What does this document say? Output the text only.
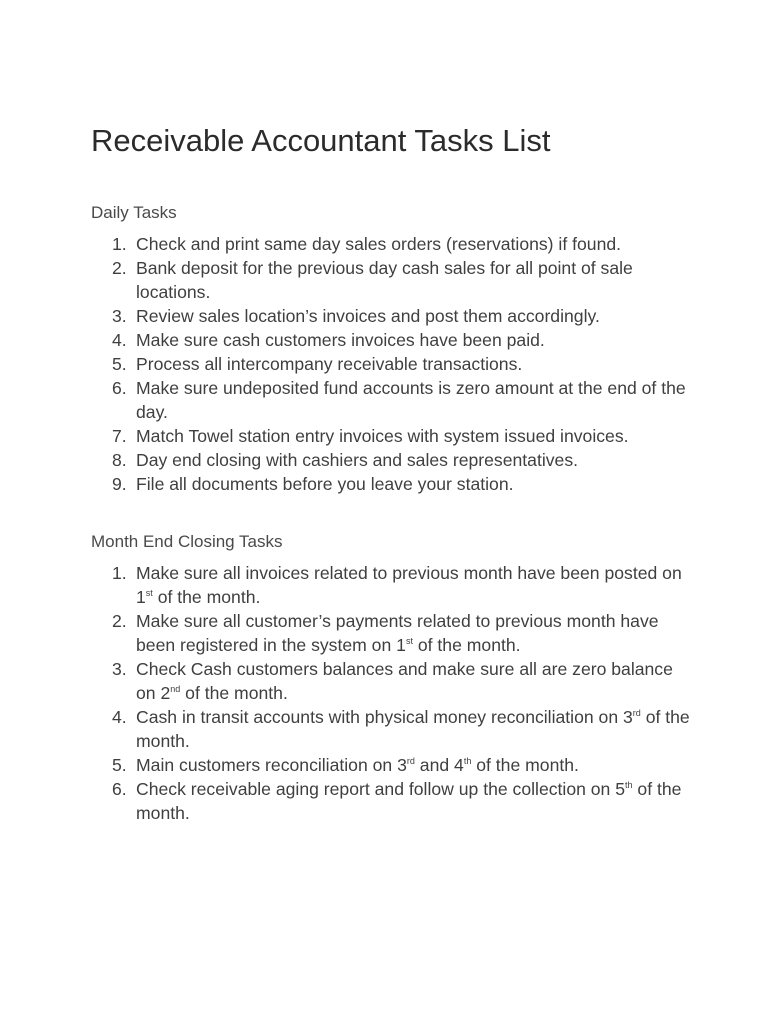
Receivable Accountant Tasks List
Daily Tasks
1. Check and print same day sales orders (reservations) if found.
2. Bank deposit for the previous day cash sales for all point of sale locations.
3. Review sales location’s invoices and post them accordingly.
4. Make sure cash customers invoices have been paid.
5. Process all intercompany receivable transactions.
6. Make sure undeposited fund accounts is zero amount at the end of the day.
7. Match Towel station entry invoices with system issued invoices.
8. Day end closing with cashiers and sales representatives.
9. File all documents before you leave your station.
Month End Closing Tasks
1. Make sure all invoices related to previous month have been posted on 1st of the month.
2. Make sure all customer’s payments related to previous month have been registered in the system on 1st of the month.
3. Check Cash customers balances and make sure all are zero balance on 2nd of the month.
4. Cash in transit accounts with physical money reconciliation on 3rd of the month.
5. Main customers reconciliation on 3rd and 4th of the month.
6. Check receivable aging report and follow up the collection on 5th of the month.
